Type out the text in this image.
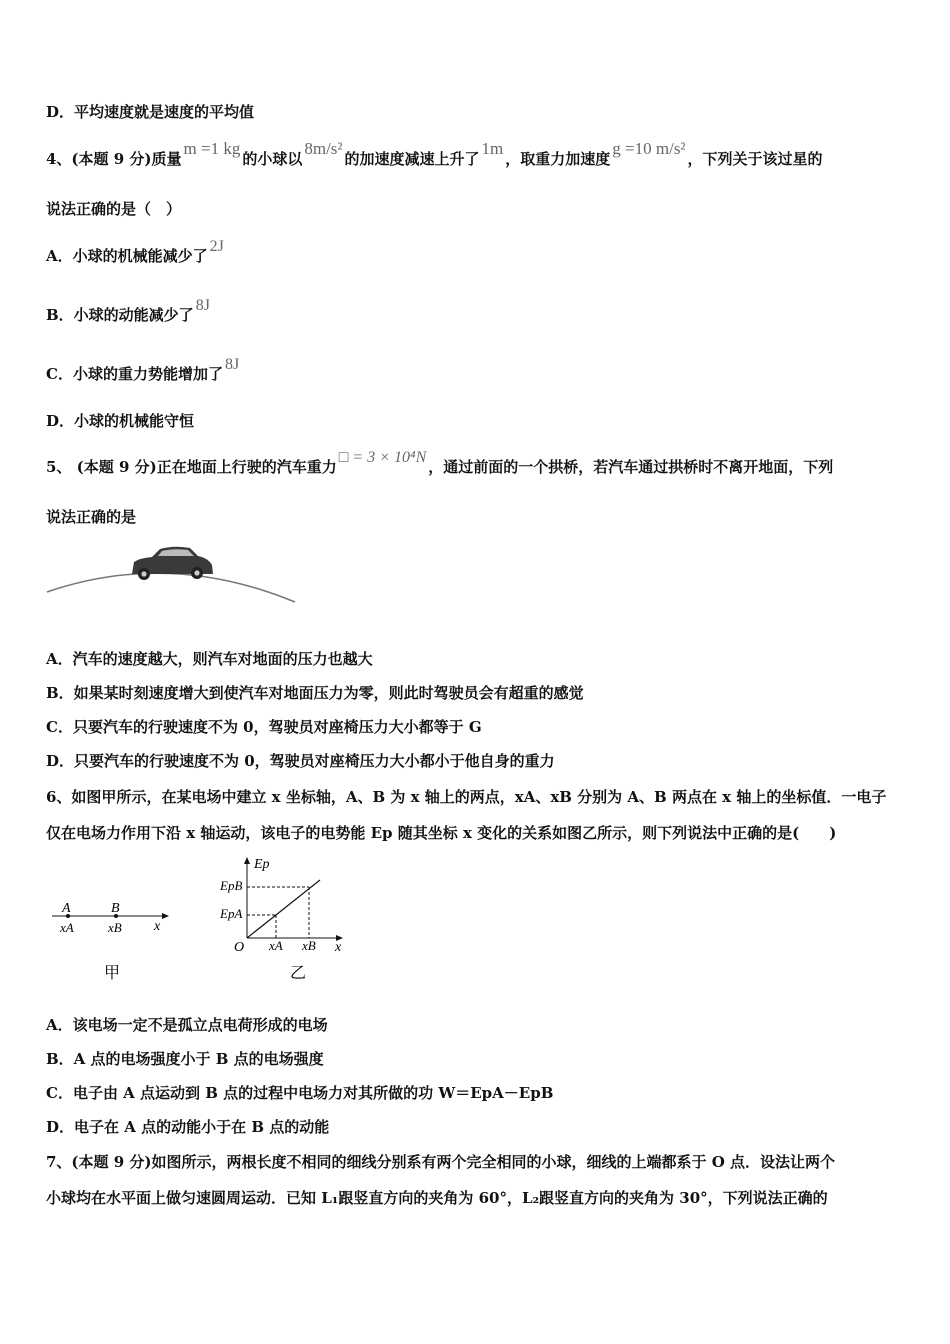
D．平均速度就是速度的平均值
4、(本题 9 分)质量m =1 kg的小球以8m/s²的加速度减速上升了1m，取重力加速度g =10 m/s²，下列关于该过星的
说法正确的是（　）
A．小球的机械能减少了2J
B．小球的动能减少了8J
C．小球的重力势能增加了8J
D．小球的机械能守恒
5、 (本题 9 分)正在地面上行驶的汽车重力□ = 3 × 10⁴N，通过前面的一个拱桥，若汽车通过拱桥时不离开地面，下列
说法正确的是
A．汽车的速度越大，则汽车对地面的压力也越大
B．如果某时刻速度增大到使汽车对地面压力为零，则此时驾驶员会有超重的感觉
C．只要汽车的行驶速度不为 0，驾驶员对座椅压力大小都等于 G
D．只要汽车的行驶速度不为 0，驾驶员对座椅压力大小都小于他自身的重力
6、如图甲所示，在某电场中建立 x 坐标轴，A、B 为 x 轴上的两点，xA、xB 分别为 A、B 两点在 x 轴上的坐标值．一电子
仅在电场力作用下沿 x 轴运动，该电子的电势能 Ep 随其坐标 x 变化的关系如图乙所示，则下列说法中正确的是(　　)
A	B
xA	xB x
甲
Ep
EpB
EpA
O xA xB x
乙
A．该电场一定不是孤立点电荷形成的电场
B．A 点的电场强度小于 B 点的电场强度
C．电子由 A 点运动到 B 点的过程中电场力对其所做的功 W＝EpA－EpB
D．电子在 A 点的动能小于在 B 点的动能
7、(本题 9 分)如图所示，两根长度不相同的细线分别系有两个完全相同的小球，细线的上端都系于 O 点．设法让两个
小球均在水平面上做匀速圆周运动．已知 L₁跟竖直方向的夹角为 60°，L₂跟竖直方向的夹角为 30°，下列说法正确的
